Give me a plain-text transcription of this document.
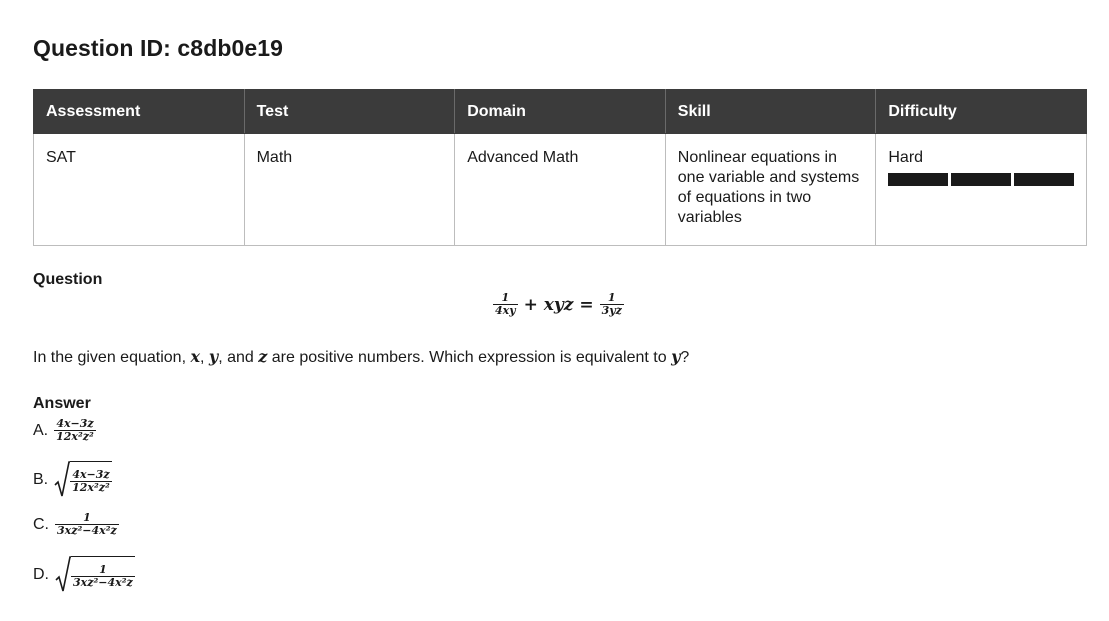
Question ID: c8db0e19
Assessment	Test	Domain	Skill	Difficulty
SAT	Math	Advanced Math	Nonlinear equations in one variable and systems of equations in two variables	Hard
Question
$\frac{1}{4xy}$ + xyz = $\frac{1}{3yz}$
In the given equation, x, y, and z are positive numbers. Which expression is equivalent to y?
Answer
A. $\frac{4x-3z}{\text{12x²z²}}$
B. $\frac{4x-3z}{\text{12x²z²}}$
C. $\frac{1}{\text{3xz²−4x²z}}$
D. $\frac{1}{\text{3xz²−4x²z}}$
